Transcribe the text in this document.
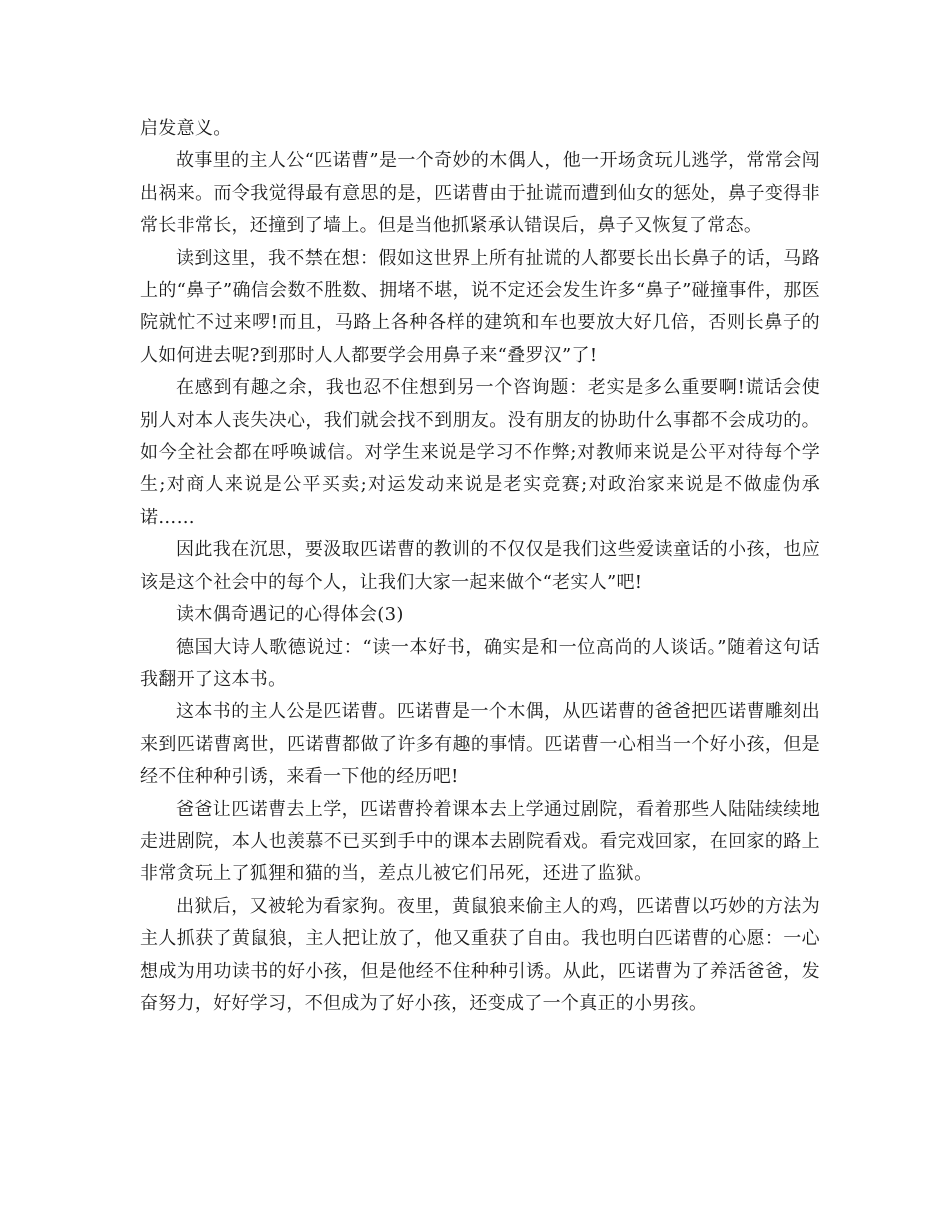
启发意义。

故事里的主人公“匹诺曹”是一个奇妙的木偶人，他一开场贪玩儿逃学，常常会闯出祸来。而令我觉得最有意思的是，匹诺曹由于扯谎而遭到仙女的惩处，鼻子变得非常长非常长，还撞到了墙上。但是当他抓紧承认错误后，鼻子又恢复了常态。

读到这里，我不禁在想：假如这世界上所有扯谎的人都要长出长鼻子的话，马路上的“鼻子”确信会数不胜数、拥堵不堪，说不定还会发生许多“鼻子”碰撞事件，那医院就忙不过来啰!而且，马路上各种各样的建筑和车也要放大好几倍，否则长鼻子的人如何进去呢?到那时人人都要学会用鼻子来“叠罗汉”了!

在感到有趣之余，我也忍不住想到另一个咨询题：老实是多么重要啊!谎话会使别人对本人丧失决心，我们就会找不到朋友。没有朋友的协助什么事都不会成功的。如今全社会都在呼唤诚信。对学生来说是学习不作弊;对教师来说是公平对待每个学生;对商人来说是公平买卖;对运发动来说是老实竞赛;对政治家来说是不做虚伪承诺……

因此我在沉思，要汲取匹诺曹的教训的不仅仅是我们这些爱读童话的小孩，也应该是这个社会中的每个人，让我们大家一起来做个“老实人”吧!

读木偶奇遇记的心得体会(3)

德国大诗人歌德说过：“读一本好书，确实是和一位高尚的人谈话。”随着这句话我翻开了这本书。

这本书的主人公是匹诺曹。匹诺曹是一个木偶，从匹诺曹的爸爸把匹诺曹雕刻出来到匹诺曹离世，匹诺曹都做了许多有趣的事情。匹诺曹一心相当一个好小孩，但是经不住种种引诱，来看一下他的经历吧!

爸爸让匹诺曹去上学，匹诺曹拎着课本去上学通过剧院，看着那些人陆陆续续地走进剧院，本人也羡慕不已买到手中的课本去剧院看戏。看完戏回家，在回家的路上非常贪玩上了狐狸和猫的当，差点儿被它们吊死，还进了监狱。

出狱后，又被轮为看家狗。夜里，黄鼠狼来偷主人的鸡，匹诺曹以巧妙的方法为主人抓获了黄鼠狼，主人把让放了，他又重获了自由。我也明白匹诺曹的心愿：一心想成为用功读书的好小孩，但是他经不住种种引诱。从此，匹诺曹为了养活爸爸，发奋努力，好好学习，不但成为了好小孩，还变成了一个真正的小男孩。
